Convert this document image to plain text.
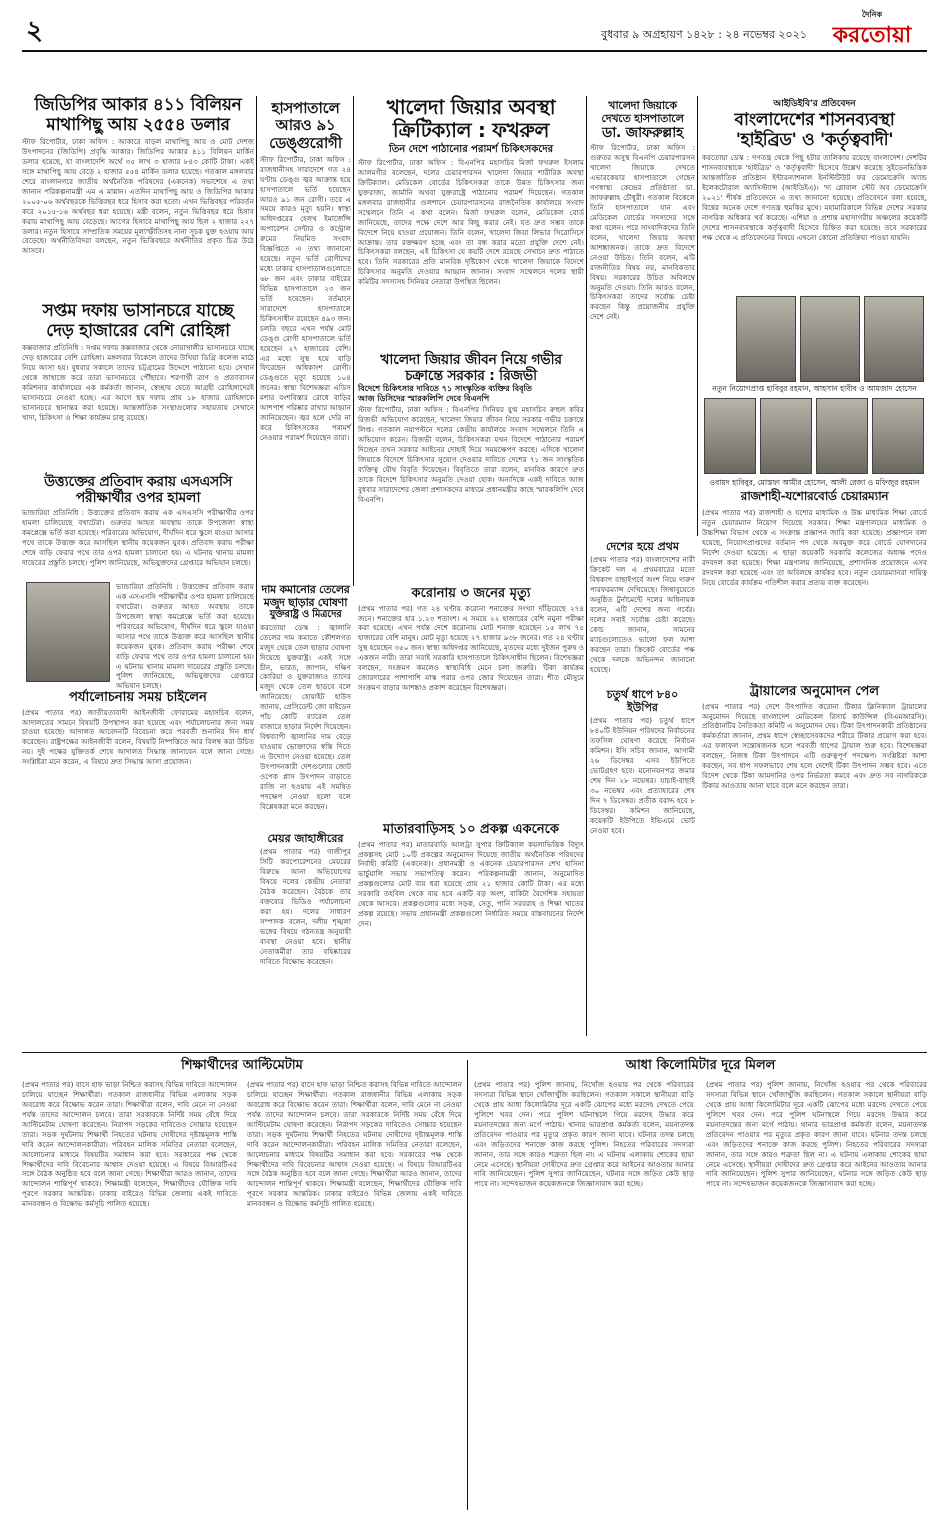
২	বুধবার ৯ অগ্রহায়ণ ১৪২৮ : ২৪ নভেম্বর ২০২১
দৈনিক
করতোয়া
জিডিপির আকার ৪১১ বিলিয়ন
মাথাপিছু আয় ২৫৫৪ ডলার
স্টাফ রিপোর্টার, ঢাকা অফিস : আকারে বাড়ল মাথাপিছু আয় ও মোট দেশজ উৎপাদনের (জিডিপি) প্রবৃদ্ধি আকার। জিডিপির আকার ৪১১ বিলিয়ন মার্কিন ডলার হয়েছে, যা বাংলাদেশি অর্থে ৩৫ লাখ ৩ হাজার ৮৪৩ কোটি টাকা। একই সঙ্গে মাথাপিছু আয় বেড়ে ২ হাজার ৫৫৪ মার্কিন ডলার হয়েছে। গতকাল মঙ্গলবার শেরে বাংলানগরে জাতীয় অর্থনৈতিক পরিষদের (একনেক) সভাশেষে এ তথ্য জানান পরিকল্পনামন্ত্রী এম এ মান্নান। এতদিন মাথাপিছু আয় ও জিডিপির আকার ২০০৫-০৬ অর্থবছরকে ভিত্তিবছর ধরে হিসাব করা হতো। এখন ভিত্তিবছর পরিবর্তন করে ২০১৫-১৬ অর্থবছর ধরা হয়েছে। মন্ত্রী বলেন, নতুন ভিত্তিবছর ধরে হিসাব করায় মাথাপিছু আয় বেড়েছে। আগের হিসাবে মাথাপিছু আয় ছিল ২ হাজার ২২৭ ডলার। নতুন হিসাবে সাম্প্রতিক সময়ের মূল্যস্ফীতিসহ নানা সূচক যুক্ত হওয়ায় আয় বেড়েছে। অর্থনীতিবিদরা বলছেন, নতুন ভিত্তিবছরে অর্থনীতির প্রকৃত চিত্র উঠে আসবে।
সপ্তম দফায় ভাসানচরে যাচ্ছে
দেড় হাজারের বেশি রোহিঙ্গা
কক্সবাজার প্রতিনিধি : সপ্তম দফায় কক্সবাজার থেকে নোয়াখালীর ভাসানচরে যাচ্ছে দেড় হাজারের বেশি রোহিঙ্গা। মঙ্গলবার বিকেলে তাদের উখিয়া ডিগ্রি কলেজ মাঠে নিয়ে আসা হয়। বুধবার সকালে তাদের চট্টগ্রামের উদ্দেশে পাঠানো হবে। সেখান থেকে জাহাজে করে তারা ভাসানচরে পৌঁছাবে। শরণার্থী ত্রাণ ও প্রত্যাবাসন কমিশনার কার্যালয়ের এক কর্মকর্তা জানান, স্বেচ্ছায় যেতে আগ্রহী রোহিঙ্গাদেরই ভাসানচরে নেওয়া হচ্ছে। এর আগে ছয় দফায় প্রায় ১৮ হাজার রোহিঙ্গাকে ভাসানচরে স্থানান্তর করা হয়েছে। আন্তর্জাতিক সংস্থাগুলোর সহায়তায় সেখানে খাদ্য, চিকিৎসা ও শিক্ষা কার্যক্রম চালু রয়েছে।
উত্ত্যক্তের প্রতিবাদ করায় এসএসসি
পরীক্ষার্থীর ওপর হামলা
ভান্ডারিয়া প্রতিনিধি : উত্ত্যক্তের প্রতিবাদ করায় এক এসএসসি পরীক্ষার্থীর ওপর হামলা চালিয়েছে বখাটেরা। গুরুতর আহত অবস্থায় তাকে উপজেলা স্বাস্থ্য কমপ্লেক্সে ভর্তি করা হয়েছে। পরিবারের অভিযোগ, দীর্ঘদিন ধরে স্কুলে যাওয়া আসার পথে তাকে উত্ত্যক্ত করে আসছিল স্থানীয় কয়েকজন যুবক। প্রতিবাদ করায় পরীক্ষা শেষে বাড়ি ফেরার পথে তার ওপর হামলা চালানো হয়। এ ঘটনায় থানায় মামলা দায়েরের প্রস্তুতি চলছে। পুলিশ জানিয়েছে, অভিযুক্তদের গ্রেপ্তারে অভিযান চলছে।
ভান্ডারিয়া প্রতিনিধি : উত্ত্যক্তের প্রতিবাদ করায় এক এসএসসি পরীক্ষার্থীর ওপর হামলা চালিয়েছে বখাটেরা। গুরুতর আহত অবস্থায় তাকে উপজেলা স্বাস্থ্য কমপ্লেক্সে ভর্তি করা হয়েছে। পরিবারের অভিযোগ, দীর্ঘদিন ধরে স্কুলে যাওয়া আসার পথে তাকে উত্ত্যক্ত করে আসছিল স্থানীয় কয়েকজন যুবক। প্রতিবাদ করায় পরীক্ষা শেষে বাড়ি ফেরার পথে তার ওপর হামলা চালানো হয়। এ ঘটনায় থানায় মামলা দায়েরের প্রস্তুতি চলছে। পুলিশ জানিয়েছে, অভিযুক্তদের গ্রেপ্তারে অভিযান চলছে।
পর্যালোচনায় সময় চাইলেন
(প্রথম পাতার পর) জাতীয়তাবাদী আইনজীবী ফোরামের মহাসচিব বলেন, আদালতের সামনে বিষয়টি উপস্থাপন করা হয়েছে এবং পর্যালোচনার জন্য সময় চাওয়া হয়েছে। আদালত আবেদনটি বিবেচনা করে পরবর্তী শুনানির দিন ধার্য করেছেন। রাষ্ট্রপক্ষের আইনজীবী বলেন, বিষয়টি নিষ্পত্তিতে আর বিলম্ব করা উচিত নয়। দুই পক্ষের যুক্তিতর্ক শেষে আদালত সিদ্ধান্ত জানাবেন বলে জানা গেছে। সংশ্লিষ্টরা মনে করেন, এ বিষয়ে দ্রুত সিদ্ধান্ত আসা প্রয়োজন।
হাসপাতালে
আরও ৯১
ডেঙ্গুরোগী
স্টাফ রিপোর্টার, ঢাকা অফিস : রাজধানীসহ সারাদেশে গত ২৪ ঘণ্টায় ডেঙ্গু জ্বর আক্রান্ত হয়ে হাসপাতালে ভর্তি হয়েছেন আরও ৯১ জন রোগী। তবে এ সময়ে কারও মৃত্যু হয়নি। স্বাস্থ্য অধিদপ্তরের হেলথ ইমার্জেন্সি অপারেশন সেন্টার ও কন্ট্রোল রুমের নিয়মিত সংবাদ বিজ্ঞপ্তিতে এ তথ্য জানানো হয়েছে। নতুন ভর্তি রোগীদের মধ্যে ঢাকার হাসপাতালগুলোতে ৬৮ জন এবং ঢাকার বাইরের বিভিন্ন হাসপাতালে ২৩ জন ভর্তি হয়েছেন। বর্তমানে সারাদেশে হাসপাতালে চিকিৎসাধীন রয়েছেন ৪৯৩ জন। চলতি বছরে এখন পর্যন্ত মোট ডেঙ্গু রোগী হাসপাতালে ভর্তি হয়েছেন ২৭ হাজারের বেশি। এর মধ্যে সুস্থ হয়ে বাড়ি ফিরেছেন অধিকাংশ রোগী। ডেঙ্গুতে মৃত্যু হয়েছে ১০৪ জনের। স্বাস্থ্য বিশেষজ্ঞরা এডিস মশার বংশবিস্তার রোধে বাড়ির আশপাশ পরিষ্কার রাখার আহ্বান জানিয়েছেন। জ্বর হলে দেরি না করে চিকিৎসকের পরামর্শ নেওয়ার পরামর্শ দিয়েছেন তারা।
দাম কমানোর তেলের
মজুদ ছাড়ার ঘোষণা
যুক্তরাষ্ট্র ও মিত্রদের
করতোয়া ডেস্ক : জ্বালানি তেলের দাম কমাতে কৌশলগত মজুদ থেকে তেল ছাড়ার ঘোষণা দিয়েছে যুক্তরাষ্ট্র। একই সঙ্গে চীন, ভারত, জাপান, দক্ষিণ কোরিয়া ও যুক্তরাজ্যও তাদের মজুদ থেকে তেল ছাড়বে বলে জানিয়েছে। হোয়াইট হাউস জানায়, প্রেসিডেন্ট জো বাইডেন পাঁচ কোটি ব্যারেল তেল বাজারে ছাড়ার নির্দেশ দিয়েছেন। বিশ্বব্যাপী জ্বালানির দাম বেড়ে যাওয়ায় ভোক্তাদের স্বস্তি দিতে এ উদ্যোগ নেওয়া হয়েছে। তেল উৎপাদনকারী দেশগুলোর জোট ওপেক প্লাস উৎপাদন বাড়াতে রাজি না হওয়ায় এই সমন্বিত পদক্ষেপ নেওয়া হলো বলে বিশ্লেষকরা মনে করছেন।
মেয়র জাহাঙ্গীরের
(প্রথম পাতার পর) গাজীপুর সিটি করপোরেশনের মেয়রের বিরুদ্ধে আনা অভিযোগের বিষয়ে দলের কেন্দ্রীয় নেতারা বৈঠক করেছেন। বৈঠকে তার বক্তব্যের ভিডিও পর্যালোচনা করা হয়। দলের সাধারণ সম্পাদক বলেন, দলীয় শৃঙ্খলা ভঙ্গের বিষয়ে গঠনতন্ত্র অনুযায়ী ব্যবস্থা নেওয়া হবে। স্থানীয় নেতাকর্মীরা তার বহিষ্কারের দাবিতে বিক্ষোভ করেছেন।
খালেদা জিয়ার অবস্থা
ক্রিটিক্যাল : ফখরুল
তিন দেশে পাঠানোর পরামর্শ চিকিৎসকদের
স্টাফ রিপোর্টার, ঢাকা অফিস : বিএনপির মহাসচিব মির্জা ফখরুল ইসলাম আলমগীর বলেছেন, দলের চেয়ারপারসন খালেদা জিয়ার শারীরিক অবস্থা ক্রিটিক্যাল। মেডিকেল বোর্ডের চিকিৎসকরা তাকে উন্নত চিকিৎসার জন্য যুক্তরাজ্য, জার্মানি অথবা যুক্তরাষ্ট্রে পাঠানোর পরামর্শ দিয়েছেন। গতকাল মঙ্গলবার রাজধানীর গুলশানে চেয়ারপারসনের রাজনৈতিক কার্যালয়ে সংবাদ সম্মেলনে তিনি এ কথা বলেন। মির্জা ফখরুল বলেন, মেডিকেল বোর্ড জানিয়েছে, তাদের পক্ষে দেশে আর কিছু করার নেই। যত দ্রুত সম্ভব তাকে বিদেশে নিয়ে যাওয়া প্রয়োজন। তিনি বলেন, খালেদা জিয়া লিভার সিরোসিসে আক্রান্ত। তার রক্তক্ষরণ হচ্ছে এবং তা বন্ধ করার মতো প্রযুক্তি দেশে নেই। চিকিৎসকরা বলছেন, এই চিকিৎসা যে কয়টি দেশে রয়েছে সেখানে দ্রুত পাঠাতে হবে। তিনি সরকারের প্রতি মানবিক দৃষ্টিকোণ থেকে খালেদা জিয়াকে বিদেশে চিকিৎসার অনুমতি দেওয়ার আহ্বান জানান। সংবাদ সম্মেলনে দলের স্থায়ী কমিটির সদস্যসহ সিনিয়র নেতারা উপস্থিত ছিলেন।
খালেদা জিয়ার জীবন নিয়ে গভীর
চক্রান্তে সরকার : রিজভী
বিদেশে চিকিৎসার দাবিতে ৭১ সাংস্কৃতিক ব্যক্তির বিবৃতি
আজ ডিসিদের স্মারকলিপি দেবে বিএনপি
স্টাফ রিপোর্টার, ঢাকা অফিস : বিএনপির সিনিয়র যুগ্ম মহাসচিব রুহুল কবির রিজভী অভিযোগ করেছেন, খালেদা জিয়ার জীবন নিয়ে সরকার গভীর চক্রান্তে লিপ্ত। গতকাল নয়াপল্টনে দলের কেন্দ্রীয় কার্যালয়ে সংবাদ সম্মেলনে তিনি এ অভিযোগ করেন। রিজভী বলেন, চিকিৎসকরা যখন বিদেশে পাঠানোর পরামর্শ দিচ্ছেন তখন সরকার আইনের দোহাই দিয়ে সময়ক্ষেপণ করছে। এদিকে খালেদা জিয়াকে বিদেশে চিকিৎসার সুযোগ দেওয়ার দাবিতে দেশের ৭১ জন সাংস্কৃতিক ব্যক্তিত্ব যৌথ বিবৃতি দিয়েছেন। বিবৃতিতে তারা বলেন, মানবিক কারণে দ্রুত তাকে বিদেশে চিকিৎসার অনুমতি দেওয়া হোক। অন্যদিকে একই দাবিতে আজ বুধবার সারাদেশের জেলা প্রশাসকদের মাধ্যমে প্রধানমন্ত্রীর কাছে স্মারকলিপি দেবে বিএনপি।
করোনায় ৩ জনের মৃত্যু
(প্রথম পাতার পর) গত ২৪ ঘণ্টায় করোনা শনাক্তের সংখ্যা দাঁড়িয়েছে ২৭৪ জনে। শনাক্তের হার ১.২৩ শতাংশ। এ সময়ে ২২ হাজারের বেশি নমুনা পরীক্ষা করা হয়েছে। এখন পর্যন্ত দেশে করোনায় মোট শনাক্ত হয়েছেন ১৫ লাখ ৭৫ হাজারের বেশি মানুষ। মোট মৃত্যু হয়েছে ২৭ হাজার ৯৩৮ জনের। গত ২৪ ঘণ্টায় সুস্থ হয়েছেন ৩৫০ জন। স্বাস্থ্য অধিদপ্তর জানিয়েছে, মৃতদের মধ্যে দুইজন পুরুষ ও একজন নারী। তারা সবাই সরকারি হাসপাতালে চিকিৎসাধীন ছিলেন। বিশেষজ্ঞরা বলছেন, সংক্রমণ কমলেও স্বাস্থ্যবিধি মেনে চলা জরুরি। টিকা কার্যক্রম জোরদারের পাশাপাশি মাস্ক পরার ওপর জোর দিয়েছেন তারা। শীত মৌসুমে সংক্রমণ বাড়ার আশঙ্কাও প্রকাশ করেছেন বিশেষজ্ঞরা।
মাতারবাড়িসহ ১০ প্রকল্প একনেকে
(প্রথম পাতার পর) মাতারবাড়ি আলট্রা সুপার ক্রিটিক্যাল কয়লাভিত্তিক বিদ্যুৎ প্রকল্পসহ মোট ১০টি প্রকল্পের অনুমোদন দিয়েছে জাতীয় অর্থনৈতিক পরিষদের নির্বাহী কমিটি (একনেক)। প্রধানমন্ত্রী ও একনেক চেয়ারপারসন শেখ হাসিনা ভার্চুয়ালি সভায় সভাপতিত্ব করেন। পরিকল্পনামন্ত্রী জানান, অনুমোদিত প্রকল্পগুলোর মোট ব্যয় ধরা হয়েছে প্রায় ২১ হাজার কোটি টাকা। এর মধ্যে সরকারি তহবিল থেকে ব্যয় হবে একটি বড় অংশ, বাকিটা বৈদেশিক সহায়তা থেকে আসবে। প্রকল্পগুলোর মধ্যে সড়ক, সেতু, পানি সরবরাহ ও শিক্ষা খাতের প্রকল্প রয়েছে। সভায় প্রধানমন্ত্রী প্রকল্পগুলো নির্ধারিত সময়ে বাস্তবায়নের নির্দেশ দেন।
খালেদা জিয়াকে
দেখতে হাসপাতালে
ডা. জাফরুল্লাহ
স্টাফ রিপোর্টার, ঢাকা অফিস : গুরুতর অসুস্থ বিএনপি চেয়ারপারসন খালেদা জিয়াকে দেখতে এভারকেয়ার হাসপাতালে গেছেন গণস্বাস্থ্য কেন্দ্রের প্রতিষ্ঠাতা ডা. জাফরুল্লাহ চৌধুরী। গতকাল বিকেলে তিনি হাসপাতালে যান এবং মেডিকেল বোর্ডের সদস্যদের সঙ্গে কথা বলেন। পরে সাংবাদিকদের তিনি বলেন, খালেদা জিয়ার অবস্থা আশঙ্কাজনক। তাকে দ্রুত বিদেশে নেওয়া উচিত। তিনি বলেন, এটি রাজনীতির বিষয় নয়, মানবিকতার বিষয়। সরকারের উচিত অবিলম্বে অনুমতি দেওয়া। তিনি আরও বলেন, চিকিৎসকরা তাদের সর্বোচ্চ চেষ্টা করছেন কিন্তু প্রয়োজনীয় প্রযুক্তি দেশে নেই।
দেশের হয়ে প্রথম
(প্রথম পাতার পর) বাংলাদেশের নারী ক্রিকেট দল এ প্রথমবারের মতো বিশ্বকাপ বাছাইপর্বে অংশ নিয়ে দারুণ পারফরম্যান্স দেখিয়েছে। জিম্বাবুয়েতে অনুষ্ঠিত টুর্নামেন্টে দলের অধিনায়ক বলেন, এটি দেশের জন্য গর্বের। দলের সবাই সর্বোচ্চ চেষ্টা করেছে। কোচ জানান, সামনের ম্যাচগুলোতেও ভালো ফল আশা করছেন তারা। ক্রিকেট বোর্ডের পক্ষ থেকে দলকে অভিনন্দন জানানো হয়েছে।
চতুর্থ ধাপে ৮৪০ ইউপির
(প্রথম পাতার পর) চতুর্থ ধাপে ৮৪০টি ইউনিয়ন পরিষদের নির্বাচনের তফসিল ঘোষণা করেছে নির্বাচন কমিশন। ইসি সচিব জানান, আগামী ২৬ ডিসেম্বর এসব ইউপিতে ভোটগ্রহণ হবে। মনোনয়নপত্র জমার শেষ দিন ২৮ নভেম্বর। যাচাই-বাছাই ৩০ নভেম্বর এবং প্রত্যাহারের শেষ দিন ৭ ডিসেম্বর। প্রতীক বরাদ্দ হবে ৮ ডিসেম্বর। কমিশন জানিয়েছে, কয়েকটি ইউপিতে ইভিএমে ভোট নেওয়া হবে।
আইডিইবি'র প্রতিবেদন
বাংলাদেশের শাসনব্যবস্থা
'হাইব্রিড' ও 'কর্তৃত্ববাদী'
করতোয়া ডেস্ক : গণতন্ত্র থেকে পিছু হটার তালিকায় রয়েছে বাংলাদেশ। দেশটির শাসনব্যবস্থাকে 'হাইব্রিড' ও 'কর্তৃত্ববাদী' হিসেবে উল্লেখ করেছে সুইডেনভিত্তিক আন্তর্জাতিক প্রতিষ্ঠান ইন্টারন্যাশনাল ইনস্টিটিউট ফর ডেমোক্রেসি অ্যান্ড ইলেকটোরাল অ্যাসিস্ট্যান্স (আইডিইএ)। 'দ্য গ্লোবাল স্টেট অব ডেমোক্রেসি ২০২১' শীর্ষক প্রতিবেদনে এ তথ্য জানানো হয়েছে। প্রতিবেদনে বলা হয়েছে, বিশ্বের অনেক দেশে গণতন্ত্র হুমকির মুখে। মহামারিকালে বিভিন্ন দেশের সরকার নাগরিক অধিকার খর্ব করেছে। এশিয়া ও প্রশান্ত মহাসাগরীয় অঞ্চলের কয়েকটি দেশের শাসনব্যবস্থাকে কর্তৃত্ববাদী হিসেবে চিহ্নিত করা হয়েছে। তবে সরকারের পক্ষ থেকে এ প্রতিবেদনের বিষয়ে এখনো কোনো প্রতিক্রিয়া পাওয়া যায়নি।
নতুন নিয়োগপ্রাপ্ত হাবিবুর রহমান, আহসান হাবীব ও আমজাদ হোসেন
ওবায়দ হাবিবুর, মোস্তফা আমীর হোসেন, আলী রেজা ও মফিজুর রহমান
রাজশাহী-যশোরবোর্ড চেয়ারম্যান
(প্রথম পাতার পর) রাজশাহী ও যশোর মাধ্যমিক ও উচ্চ মাধ্যমিক শিক্ষা বোর্ডে নতুন চেয়ারম্যান নিয়োগ দিয়েছে সরকার। শিক্ষা মন্ত্রণালয়ের মাধ্যমিক ও উচ্চশিক্ষা বিভাগ থেকে এ সংক্রান্ত প্রজ্ঞাপন জারি করা হয়েছে। প্রজ্ঞাপনে বলা হয়েছে, নিয়োগপ্রাপ্তদের বর্তমান পদ থেকে অবমুক্ত করে বোর্ডে যোগদানের নির্দেশ দেওয়া হয়েছে। এ ছাড়া কয়েকটি সরকারি কলেজের অধ্যক্ষ পদেও রদবদল করা হয়েছে। শিক্ষা মন্ত্রণালয় জানিয়েছে, প্রশাসনিক প্রয়োজনে এসব রদবদল করা হয়েছে এবং তা অবিলম্বে কার্যকর হবে। নতুন চেয়ারম্যানরা দায়িত্ব নিয়ে বোর্ডের কার্যক্রম গতিশীল করার প্রত্যয় ব্যক্ত করেছেন।
ট্রায়ালের অনুমোদন পেল
(প্রথম পাতার পর) দেশে উৎপাদিত করোনা টিকার ক্লিনিক্যাল ট্রায়ালের অনুমোদন দিয়েছে বাংলাদেশ মেডিকেল রিসার্চ কাউন্সিল (বিএমআরসি)। প্রতিষ্ঠানটির নৈতিকতা কমিটি এ অনুমোদন দেয়। টিকা উৎপাদনকারী প্রতিষ্ঠানের কর্মকর্তারা জানান, প্রথম ধাপে স্বেচ্ছাসেবকদের শরীরে টিকার প্রয়োগ করা হবে। এর ফলাফল সন্তোষজনক হলে পরবর্তী ধাপের ট্রায়াল শুরু হবে। বিশেষজ্ঞরা বলছেন, নিজস্ব টিকা উৎপাদনে এটি গুরুত্বপূর্ণ পদক্ষেপ। সংশ্লিষ্টরা আশা করছেন, সব ধাপ সফলভাবে শেষ হলে দেশেই টিকা উৎপাদন সম্ভব হবে। এতে বিদেশ থেকে টিকা আমদানির ওপর নির্ভরতা কমবে এবং দ্রুত সব নাগরিককে টিকার আওতায় আনা যাবে বলে মনে করছেন তারা।
শিক্ষার্থীদের আল্টিমেটাম
(প্রথম পাতার পর) বাসে হাফ ভাড়া নিশ্চিত করাসহ বিভিন্ন দাবিতে আন্দোলন চালিয়ে যাচ্ছেন শিক্ষার্থীরা। গতকাল রাজধানীর বিভিন্ন এলাকায় সড়ক অবরোধ করে বিক্ষোভ করেন তারা। শিক্ষার্থীরা বলেন, দাবি মেনে না নেওয়া পর্যন্ত তাদের আন্দোলন চলবে। তারা সরকারকে নির্দিষ্ট সময় বেঁধে দিয়ে আল্টিমেটাম ঘোষণা করেছেন। নিরাপদ সড়কের দাবিতেও সোচ্চার হয়েছেন তারা। সড়ক দুর্ঘটনায় শিক্ষার্থী নিহতের ঘটনায় দোষীদের দৃষ্টান্তমূলক শাস্তি দাবি করেন আন্দোলনকারীরা। পরিবহন মালিক সমিতির নেতারা বলেছেন, আলোচনার মাধ্যমে বিষয়টির সমাধান করা হবে। সরকারের পক্ষ থেকে শিক্ষার্থীদের দাবি বিবেচনার আশ্বাস দেওয়া হয়েছে। এ বিষয়ে বিআরটিএর সঙ্গে বৈঠক অনুষ্ঠিত হবে বলে জানা গেছে। শিক্ষার্থীরা আরও জানান, তাদের আন্দোলন শান্তিপূর্ণ থাকবে। শিক্ষামন্ত্রী বলেছেন, শিক্ষার্থীদের যৌক্তিক দাবি পূরণে সরকার আন্তরিক। ঢাকার বাইরেও বিভিন্ন জেলায় একই দাবিতে মানববন্ধন ও বিক্ষোভ কর্মসূচি পালিত হয়েছে।
(প্রথম পাতার পর) বাসে হাফ ভাড়া নিশ্চিত করাসহ বিভিন্ন দাবিতে আন্দোলন চালিয়ে যাচ্ছেন শিক্ষার্থীরা। গতকাল রাজধানীর বিভিন্ন এলাকায় সড়ক অবরোধ করে বিক্ষোভ করেন তারা। শিক্ষার্থীরা বলেন, দাবি মেনে না নেওয়া পর্যন্ত তাদের আন্দোলন চলবে। তারা সরকারকে নির্দিষ্ট সময় বেঁধে দিয়ে আল্টিমেটাম ঘোষণা করেছেন। নিরাপদ সড়কের দাবিতেও সোচ্চার হয়েছেন তারা। সড়ক দুর্ঘটনায় শিক্ষার্থী নিহতের ঘটনায় দোষীদের দৃষ্টান্তমূলক শাস্তি দাবি করেন আন্দোলনকারীরা। পরিবহন মালিক সমিতির নেতারা বলেছেন, আলোচনার মাধ্যমে বিষয়টির সমাধান করা হবে। সরকারের পক্ষ থেকে শিক্ষার্থীদের দাবি বিবেচনার আশ্বাস দেওয়া হয়েছে। এ বিষয়ে বিআরটিএর সঙ্গে বৈঠক অনুষ্ঠিত হবে বলে জানা গেছে। শিক্ষার্থীরা আরও জানান, তাদের আন্দোলন শান্তিপূর্ণ থাকবে। শিক্ষামন্ত্রী বলেছেন, শিক্ষার্থীদের যৌক্তিক দাবি পূরণে সরকার আন্তরিক। ঢাকার বাইরেও বিভিন্ন জেলায় একই দাবিতে মানববন্ধন ও বিক্ষোভ কর্মসূচি পালিত হয়েছে।
আধা কিলোমিটার দূরে মিলল
(প্রথম পাতার পর) পুলিশ জানায়, নিখোঁজ হওয়ার পর থেকে পরিবারের সদস্যরা বিভিন্ন স্থানে খোঁজাখুঁজি করছিলেন। গতকাল সকালে স্থানীয়রা বাড়ি থেকে প্রায় আধা কিলোমিটার দূরে একটি ঝোপের মধ্যে মরদেহ দেখতে পেয়ে পুলিশে খবর দেন। পরে পুলিশ ঘটনাস্থলে গিয়ে মরদেহ উদ্ধার করে ময়নাতদন্তের জন্য মর্গে পাঠায়। থানার ভারপ্রাপ্ত কর্মকর্তা বলেন, ময়নাতদন্ত প্রতিবেদন পাওয়ার পর মৃত্যুর প্রকৃত কারণ জানা যাবে। ঘটনার তদন্ত চলছে এবং জড়িতদের শনাক্তে কাজ করছে পুলিশ। নিহতের পরিবারের সদস্যরা জানান, তার সঙ্গে কারও শত্রুতা ছিল না। এ ঘটনায় এলাকায় শোকের ছায়া নেমে এসেছে। স্থানীয়রা দোষীদের দ্রুত গ্রেপ্তার করে আইনের আওতায় আনার দাবি জানিয়েছেন। পুলিশ সুপার জানিয়েছেন, ঘটনার সঙ্গে জড়িত কেউ ছাড় পাবে না। সন্দেহভাজন কয়েকজনকে জিজ্ঞাসাবাদ করা হচ্ছে।
(প্রথম পাতার পর) পুলিশ জানায়, নিখোঁজ হওয়ার পর থেকে পরিবারের সদস্যরা বিভিন্ন স্থানে খোঁজাখুঁজি করছিলেন। গতকাল সকালে স্থানীয়রা বাড়ি থেকে প্রায় আধা কিলোমিটার দূরে একটি ঝোপের মধ্যে মরদেহ দেখতে পেয়ে পুলিশে খবর দেন। পরে পুলিশ ঘটনাস্থলে গিয়ে মরদেহ উদ্ধার করে ময়নাতদন্তের জন্য মর্গে পাঠায়। থানার ভারপ্রাপ্ত কর্মকর্তা বলেন, ময়নাতদন্ত প্রতিবেদন পাওয়ার পর মৃত্যুর প্রকৃত কারণ জানা যাবে। ঘটনার তদন্ত চলছে এবং জড়িতদের শনাক্তে কাজ করছে পুলিশ। নিহতের পরিবারের সদস্যরা জানান, তার সঙ্গে কারও শত্রুতা ছিল না। এ ঘটনায় এলাকায় শোকের ছায়া নেমে এসেছে। স্থানীয়রা দোষীদের দ্রুত গ্রেপ্তার করে আইনের আওতায় আনার দাবি জানিয়েছেন। পুলিশ সুপার জানিয়েছেন, ঘটনার সঙ্গে জড়িত কেউ ছাড় পাবে না। সন্দেহভাজন কয়েকজনকে জিজ্ঞাসাবাদ করা হচ্ছে।
